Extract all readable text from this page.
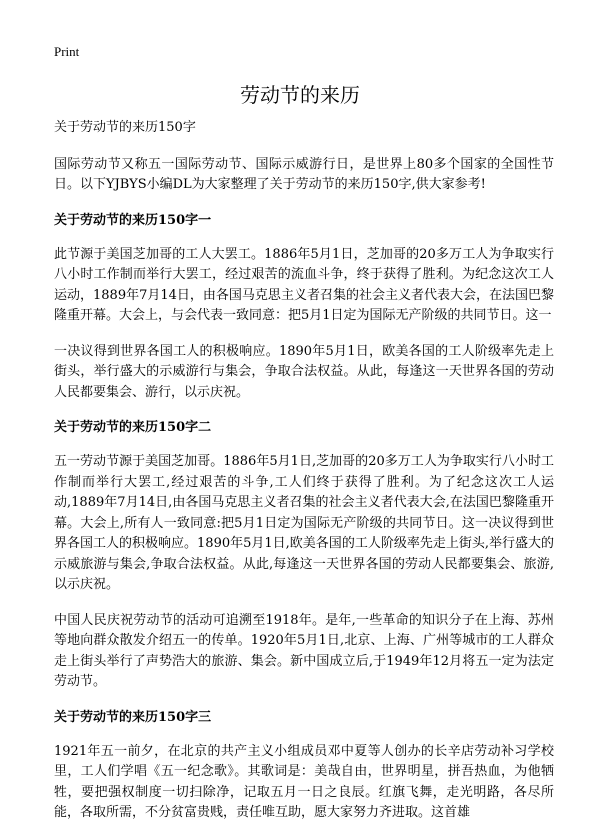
Print
劳动节的来历

关于劳动节的来历150字

国际劳动节又称五一国际劳动节、国际示威游行日，是世界上80多个国家的全国性节日。以下YJBYS小编DL为大家整理了关于劳动节的来历150字,供大家参考!

关于劳动节的来历150字一

此节源于美国芝加哥的工人大罢工。1886年5月1日，芝加哥的20多万工人为争取实行八小时工作制而举行大罢工，经过艰苦的流血斗争，终于获得了胜利。为纪念这次工人运动，1889年7月14日，由各国马克思主义者召集的社会主义者代表大会，在法国巴黎隆重开幕。大会上，与会代表一致同意：把5月1日定为国际无产阶级的共同节日。这一

一决议得到世界各国工人的积极响应。1890年5月1日，欧美各国的工人阶级率先走上街头，举行盛大的示威游行与集会，争取合法权益。从此，每逢这一天世界各国的劳动人民都要集会、游行，以示庆祝。

关于劳动节的来历150字二

五一劳动节源于美国芝加哥。1886年5月1日,芝加哥的20多万工人为争取实行八小时工作制而举行大罢工,经过艰苦的斗争,工人们终于获得了胜利。为了纪念这次工人运动,1889年7月14日,由各国马克思主义者召集的社会主义者代表大会,在法国巴黎隆重开幕。大会上,所有人一致同意:把5月1日定为国际无产阶级的共同节日。这一决议得到世界各国工人的积极响应。1890年5月1日,欧美各国的工人阶级率先走上街头,举行盛大的示威旅游与集会,争取合法权益。从此,每逢这一天世界各国的劳动人民都要集会、旅游,以示庆祝。

中国人民庆祝劳动节的活动可追溯至1918年。是年,一些革命的知识分子在上海、苏州等地向群众散发介绍五一的传单。1920年5月1日,北京、上海、广州等城市的工人群众走上街头举行了声势浩大的旅游、集会。新中国成立后,于1949年12月将五一定为法定劳动节。

关于劳动节的来历150字三

1921年五一前夕，在北京的共产主义小组成员邓中夏等人创办的长辛店劳动补习学校里，工人们学唱《五一纪念歌》。其歌词是：美哉自由，世界明星，拼吾热血，为他牺牲，要把强权制度一切扫除净，记取五月一日之良辰。红旗飞舞，走光明路，各尽所能，各取所需，不分贫富贵贱，责任唯互助，愿大家努力齐进取。这首雄
